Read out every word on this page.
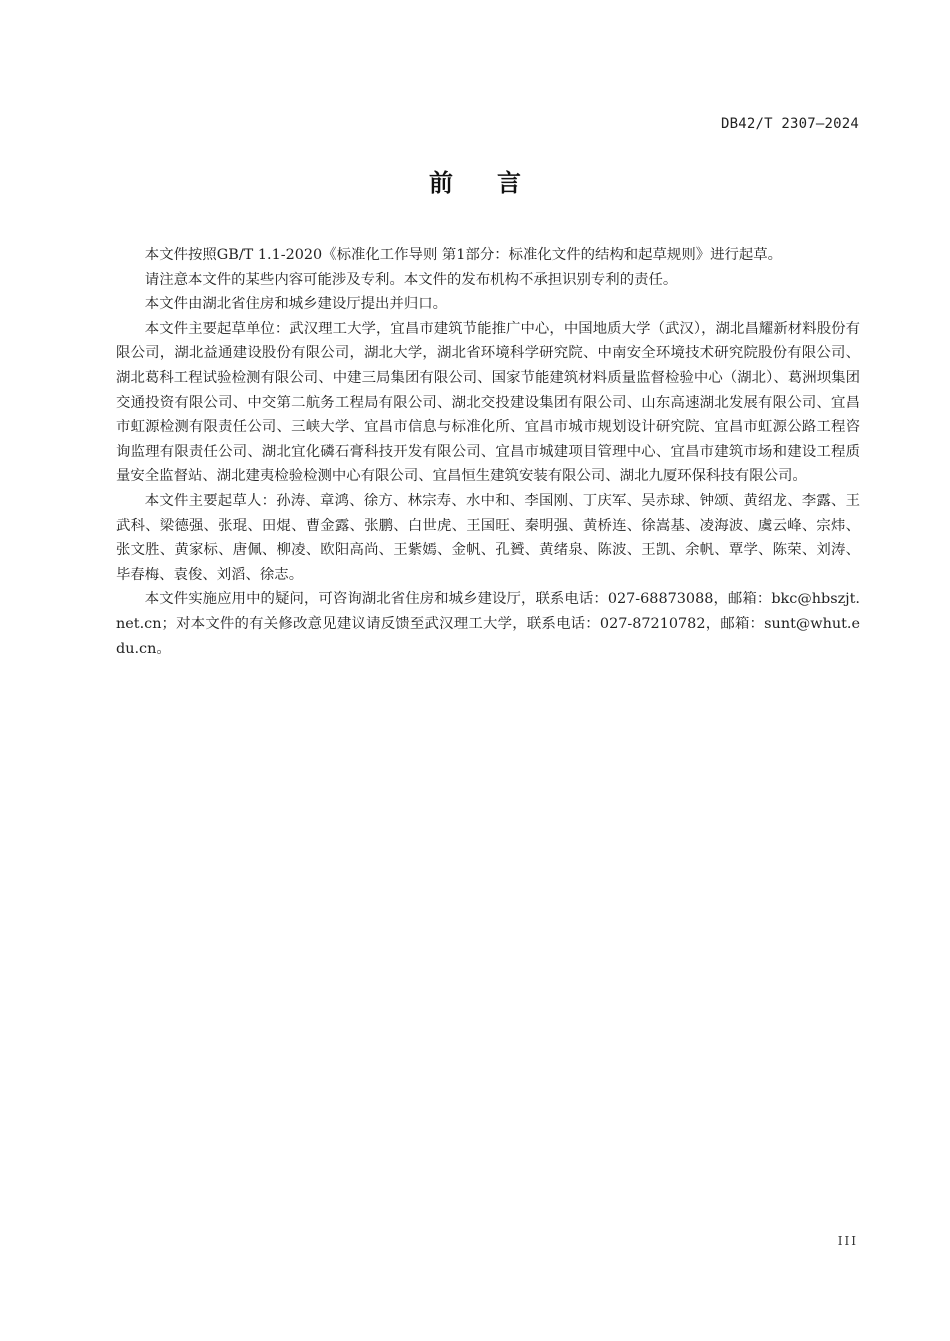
DB42/T 2307—2024
前言

本文件按照GB/T 1.1-2020《标准化工作导则 第1部分：标准化文件的结构和起草规则》进行起草。

请注意本文件的某些内容可能涉及专利。本文件的发布机构不承担识别专利的责任。

本文件由湖北省住房和城乡建设厅提出并归口。

本文件主要起草单位：武汉理工大学，宜昌市建筑节能推广中心，中国地质大学（武汉），湖北昌耀新材料股份有限公司，湖北益通建设股份有限公司，湖北大学，湖北省环境科学研究院、中南安全环境技术研究院股份有限公司、湖北葛科工程试验检测有限公司、中建三局集团有限公司、国家节能建筑材料质量监督检验中心（湖北）、葛洲坝集团交通投资有限公司、中交第二航务工程局有限公司、湖北交投建设集团有限公司、山东高速湖北发展有限公司、宜昌市虹源检测有限责任公司、三峡大学、宜昌市信息与标准化所、宜昌市城市规划设计研究院、宜昌市虹源公路工程咨询监理有限责任公司、湖北宜化磷石膏科技开发有限公司、宜昌市城建项目管理中心、宜昌市建筑市场和建设工程质量安全监督站、湖北建夷检验检测中心有限公司、宜昌恒生建筑安装有限公司、湖北九厦环保科技有限公司。

本文件主要起草人：孙涛、章鸿、徐方、林宗寿、水中和、李国刚、丁庆军、吴赤球、钟颂、黄绍龙、李露、王武科、梁德强、张琨、田焜、曹金露、张鹏、白世虎、王国旺、秦明强、黄桥连、徐嵩基、凌海波、虞云峰、宗炜、张文胜、黄家标、唐佩、柳凌、欧阳高尚、王紫嫣、金帆、孔贇、黄绪泉、陈波、王凯、余帆、覃学、陈荣、刘涛、毕春梅、袁俊、刘滔、徐志。

本文件实施应用中的疑问，可咨询湖北省住房和城乡建设厅，联系电话：027-68873088，邮箱：bkc@hbszjt.net.cn；对本文件的有关修改意见建议请反馈至武汉理工大学，联系电话：027-87210782，邮箱：sunt@whut.edu.cn。

III
